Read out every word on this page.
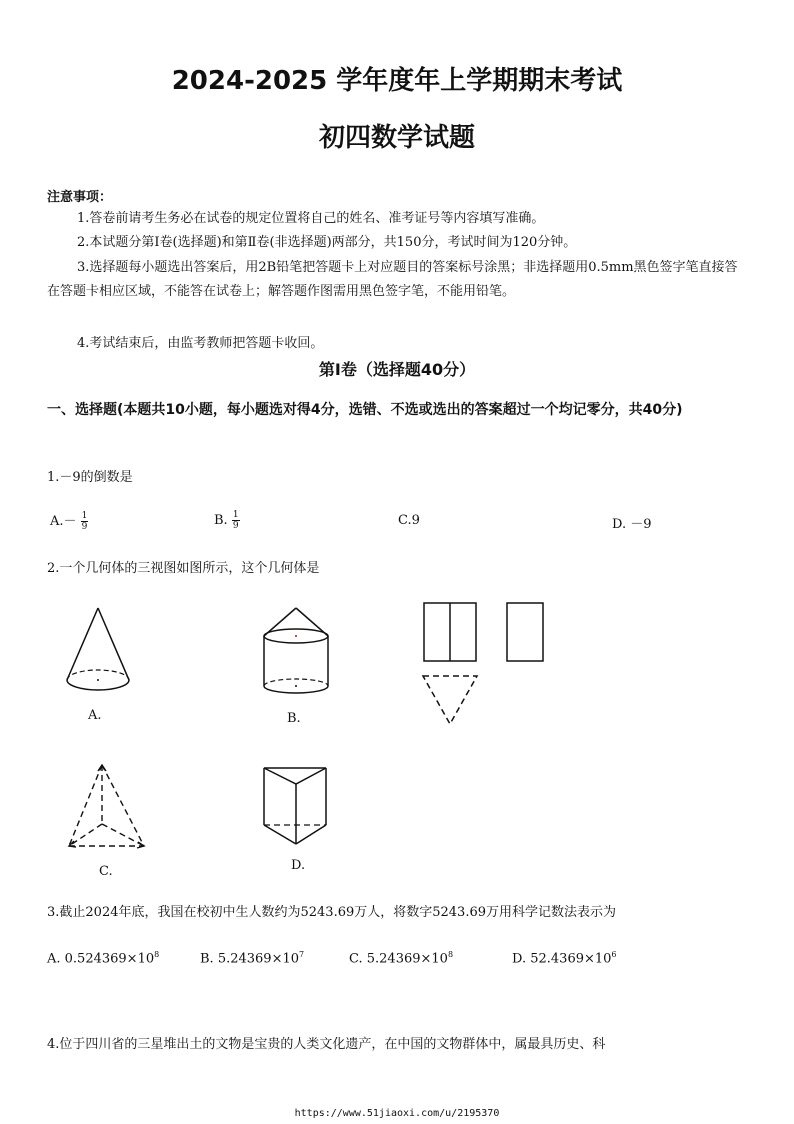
2024-2025 学年度年上学期期末考试
初四数学试题
注意事项：
1.答卷前请考生务必在试卷的规定位置将自己的姓名、准考证号等内容填写准确。
2.本试题分第Ⅰ卷(选择题)和第Ⅱ卷(非选择题)两部分，共150分，考试时间为120分钟。
3.选择题每小题选出答案后，用2B铅笔把答题卡上对应题目的答案标号涂黑；非选择题用0.5mm黑色签字笔直接答在答题卡相应区域，不能答在试卷上；解答题作图需用黑色签字笔，不能用铅笔。
4.考试结束后，由监考教师把答题卡收回。
第Ⅰ卷（选择题40分）
一、选择题(本题共10小题，每小题选对得4分，选错、不选或选出的答案超过一个均记零分，共40分)
1.－9的倒数是
$A.- \frac{1}{9}$	B. $\frac{1}{9}$	C.9	D. －9
2.一个几何体的三视图如图所示，这个几何体是
A.	B.
C.	D.
3.截止2024年底，我国在校初中生人数约为5243.69万人，将数字5243.69万用科学记数法表示为
A. $0.524369\times 10^8$	B. $5.24369\times 10^7$	C. $5.24369\times 10^8$	D. $52.4369\times 10^6$
4.位于四川省的三星堆出土的文物是宝贵的人类文化遗产，在中国的文物群体中，属最具历史、科
https://www.51jiaoxi.com/u/2195370
